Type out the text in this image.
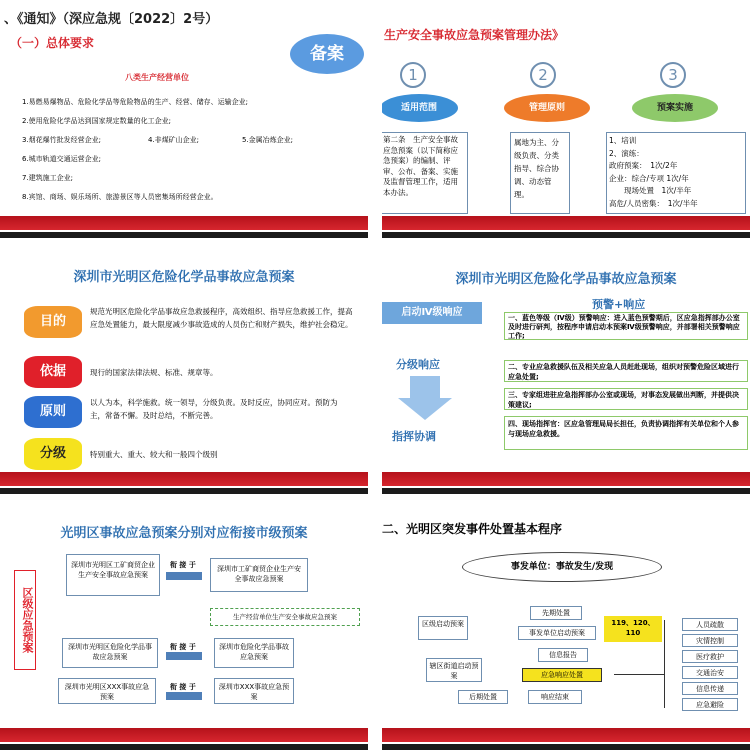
、《通知》（深应急规〔2022〕2号）
（一）总体要求
备案
八类生产经营单位
1.易燃易爆物品、危险化学品等危险物品的生产、经营、储存、运输企业;
2.使用危险化学品达到国家规定数量的化工企业;
3.烟花爆竹批发经营企业;	4.非煤矿山企业;	5.金属冶炼企业;
6.城市轨道交通运营企业;
7.建筑施工企业;
8.宾馆、商场、娱乐场所、旅游景区等人员密集场所经营企业。
生产安全事故应急预案管理办法》
1	2	3
适用范围	管理原则	预案实施
第二条　生产安全事故应急预案（以下简称应急预案）的编制、评审、公布、备案、实施及监督管理工作，适用本办法。
属地为主、分级负责、分类指导、综合协调、动态管理。
1、培训
2、演练：
政府预案：　1次/2年
企业：综合/专项 1次/年
　　现场处置　1次/半年
高危/人员密集：　1次/半年
深圳市光明区危险化学品事故应急预案
目的
规范光明区危险化学品事故应急救援程序，高效组织、指导应急救援工作，提高应急处置能力，最大限度减少事故造成的人员伤亡和财产损失，维护社会稳定。
依据	现行的国家法律法规、标准、规章等。
原则
以人为本，科学施救。统一领导，分级负责。及时反应，协同应对。预防为主，常备不懈。及时总结，不断完善。
分级	特别重大、重大、较大和一般四个级别
深圳市光明区危险化学品事故应急预案
启动Ⅳ级响应
预警+响应
分级响应
指挥协调
一、蓝色等级（Ⅳ级）预警响应：进入蓝色预警期后，区应急指挥部办公室及时进行研判，按程序申请启动本预案Ⅳ级预警响应，并部署相关预警响应工作;
二、专业应急救援队伍及相关应急人员赶赴现场，组织对预警危险区域进行应急处置;
三、专家组进驻应急指挥部办公室或现场，对事态发展做出判断，并提供决策建议;
四、现场指挥官：区应急管理局局长担任，负责协调指挥有关单位和个人参与现场应急救援。
光明区事故应急预案分别对应衔接市级预案
区级应急预案
深圳市光明区工矿商贸企业生产安全事故应急预案
衔 接 于	深圳市工矿商贸企业生产安全事故应急预案
生产经营单位生产安全事故应急预案
深圳市光明区危险化学品事故应急预案
衔 接 于	深圳市危险化学品事故应急预案
深圳市光明区XXX事故应急预案
衔 接 于	深圳市XXX事故应急预案
二、光明区突发事件处置基本程序
事发单位：事故发生/发现
先期处置
区级启动预案
事发单位启动预案
119、120、110
信息报告
辖区街道启动预案	应急响应处置
响应结束
后期处置
人员疏散
灾情控制
医疗救护
交通治安
信息传递
应急避险
